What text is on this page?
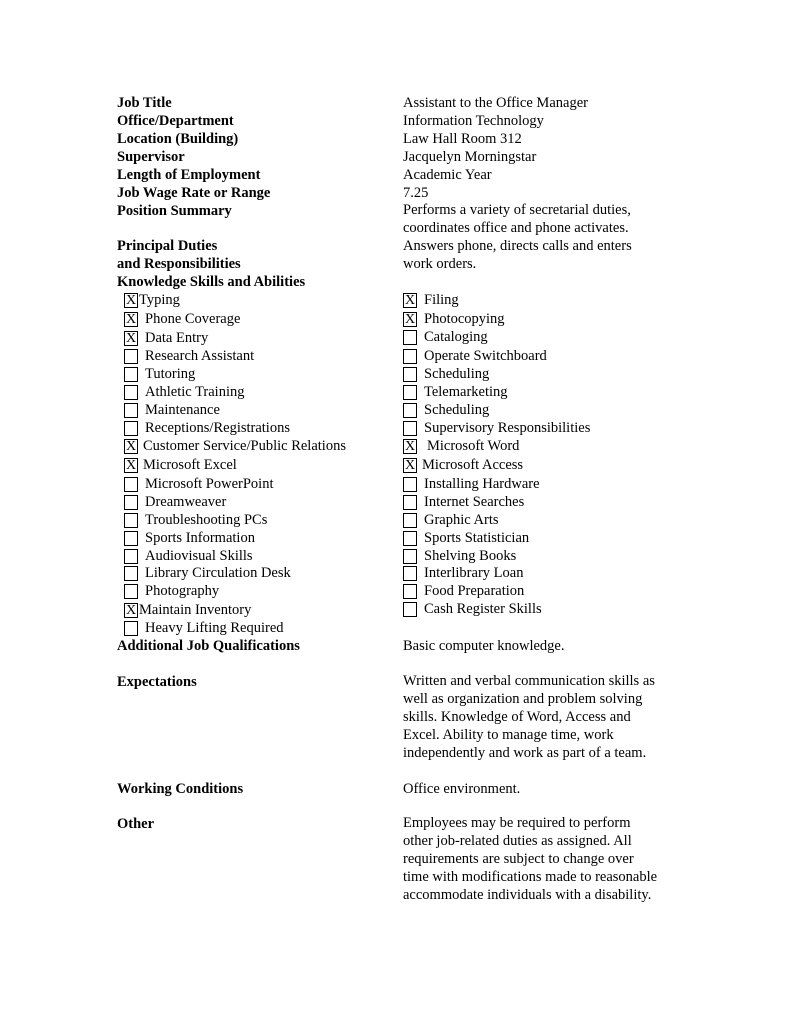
Job Title	Assistant to the Office Manager
Office/Department	Information Technology
Location (Building)	Law Hall Room 312
Supervisor	Jacquelyn Morningstar
Length of Employment	Academic Year
Job Wage Rate or Range	7.25
Position Summary	Performs a variety of secretarial duties,
coordinates office and phone activates.
Answers phone, directs calls and enters
work orders.
Principal Duties
and Responsibilities
Knowledge Skills and Abilities
X Typing
X Phone Coverage
X Data Entry
Research Assistant
Tutoring
Athletic Training
Maintenance
Receptions/Registrations
X Customer Service/Public Relations
X Microsoft Excel
Microsoft PowerPoint
Dreamweaver
Troubleshooting PCs
Sports Information
Audiovisual Skills
Library Circulation Desk
Photography
X Maintain Inventory
Heavy Lifting Required
X Filing
X Photocopying
Cataloging
Operate Switchboard
Scheduling
Telemarketing
Scheduling
Supervisory Responsibilities
X Microsoft Word
X Microsoft Access
Installing Hardware
Internet Searches
Graphic Arts
Sports Statistician
Shelving Books
Interlibrary Loan
Food Preparation
Cash Register Skills
Additional Job Qualifications	Basic computer knowledge.
Expectations	Written and verbal communication skills as
well as organization and problem solving
skills. Knowledge of Word, Access and
Excel. Ability to manage time, work
independently and work as part of a team.
Working Conditions	Office environment.
Other	Employees may be required to perform
other job-related duties as assigned. All
requirements are subject to change over
time with modifications made to reasonable
accommodate individuals with a disability.
